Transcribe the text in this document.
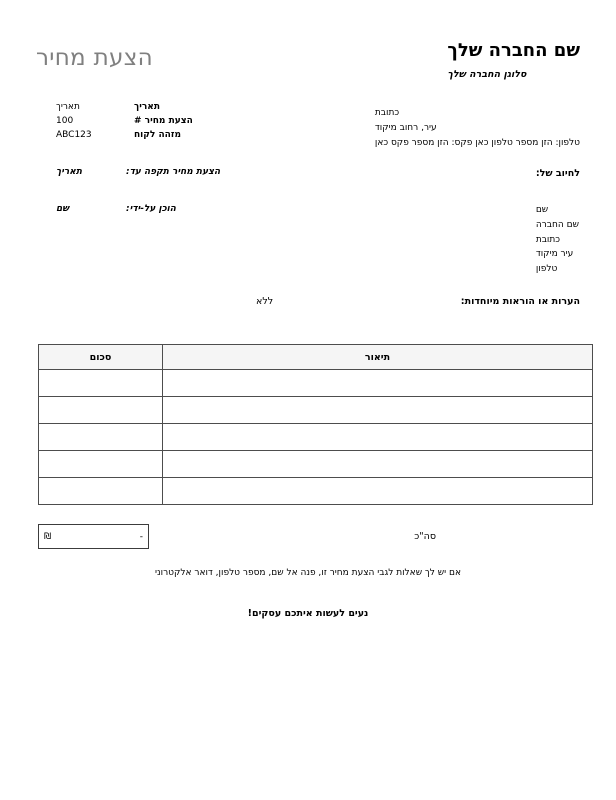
הצעת מחיר	שם החברה שלך
סלוגן החברה שלך
כתובת
עיר, רחוב מיקוד
טלפון: הזן מספר טלפון כאן פקס: הזן מספר פקס כאן
תאריך
תאריך
הצעת מחיר #
100
מזהה לקוח
ABC123
לחיוב של:
שם
שם החברה
כתובת
עיר מיקוד
טלפון
הצעת מחיר תקפה עד:
תאריך
הוכן על-ידי:
שם
הערות או הוראות מיוחדות:
ללא
תיאור	סכום

סה"כ
-
₪
אם יש לך שאלות לגבי הצעת מחיר זו, פנה אל שם, מספר טלפון, דואר אלקטרוני
נעים לעשות איתכם עסקים!
